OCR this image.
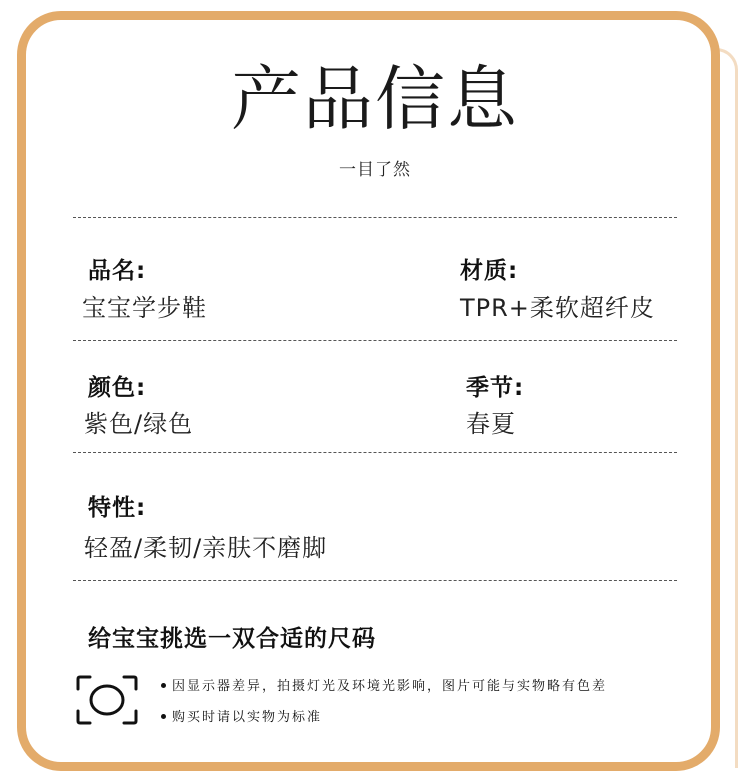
产品信息
一目了然
品名:
宝宝学步鞋
材质:
TPR+柔软超纤皮
颜色:
紫色/绿色
季节:
春夏
特性:
轻盈/柔韧/亲肤不磨脚
给宝宝挑选一双合适的尺码
因显示器差异，拍摄灯光及环境光影响，图片可能与实物略有色差
购买时请以实物为标准
